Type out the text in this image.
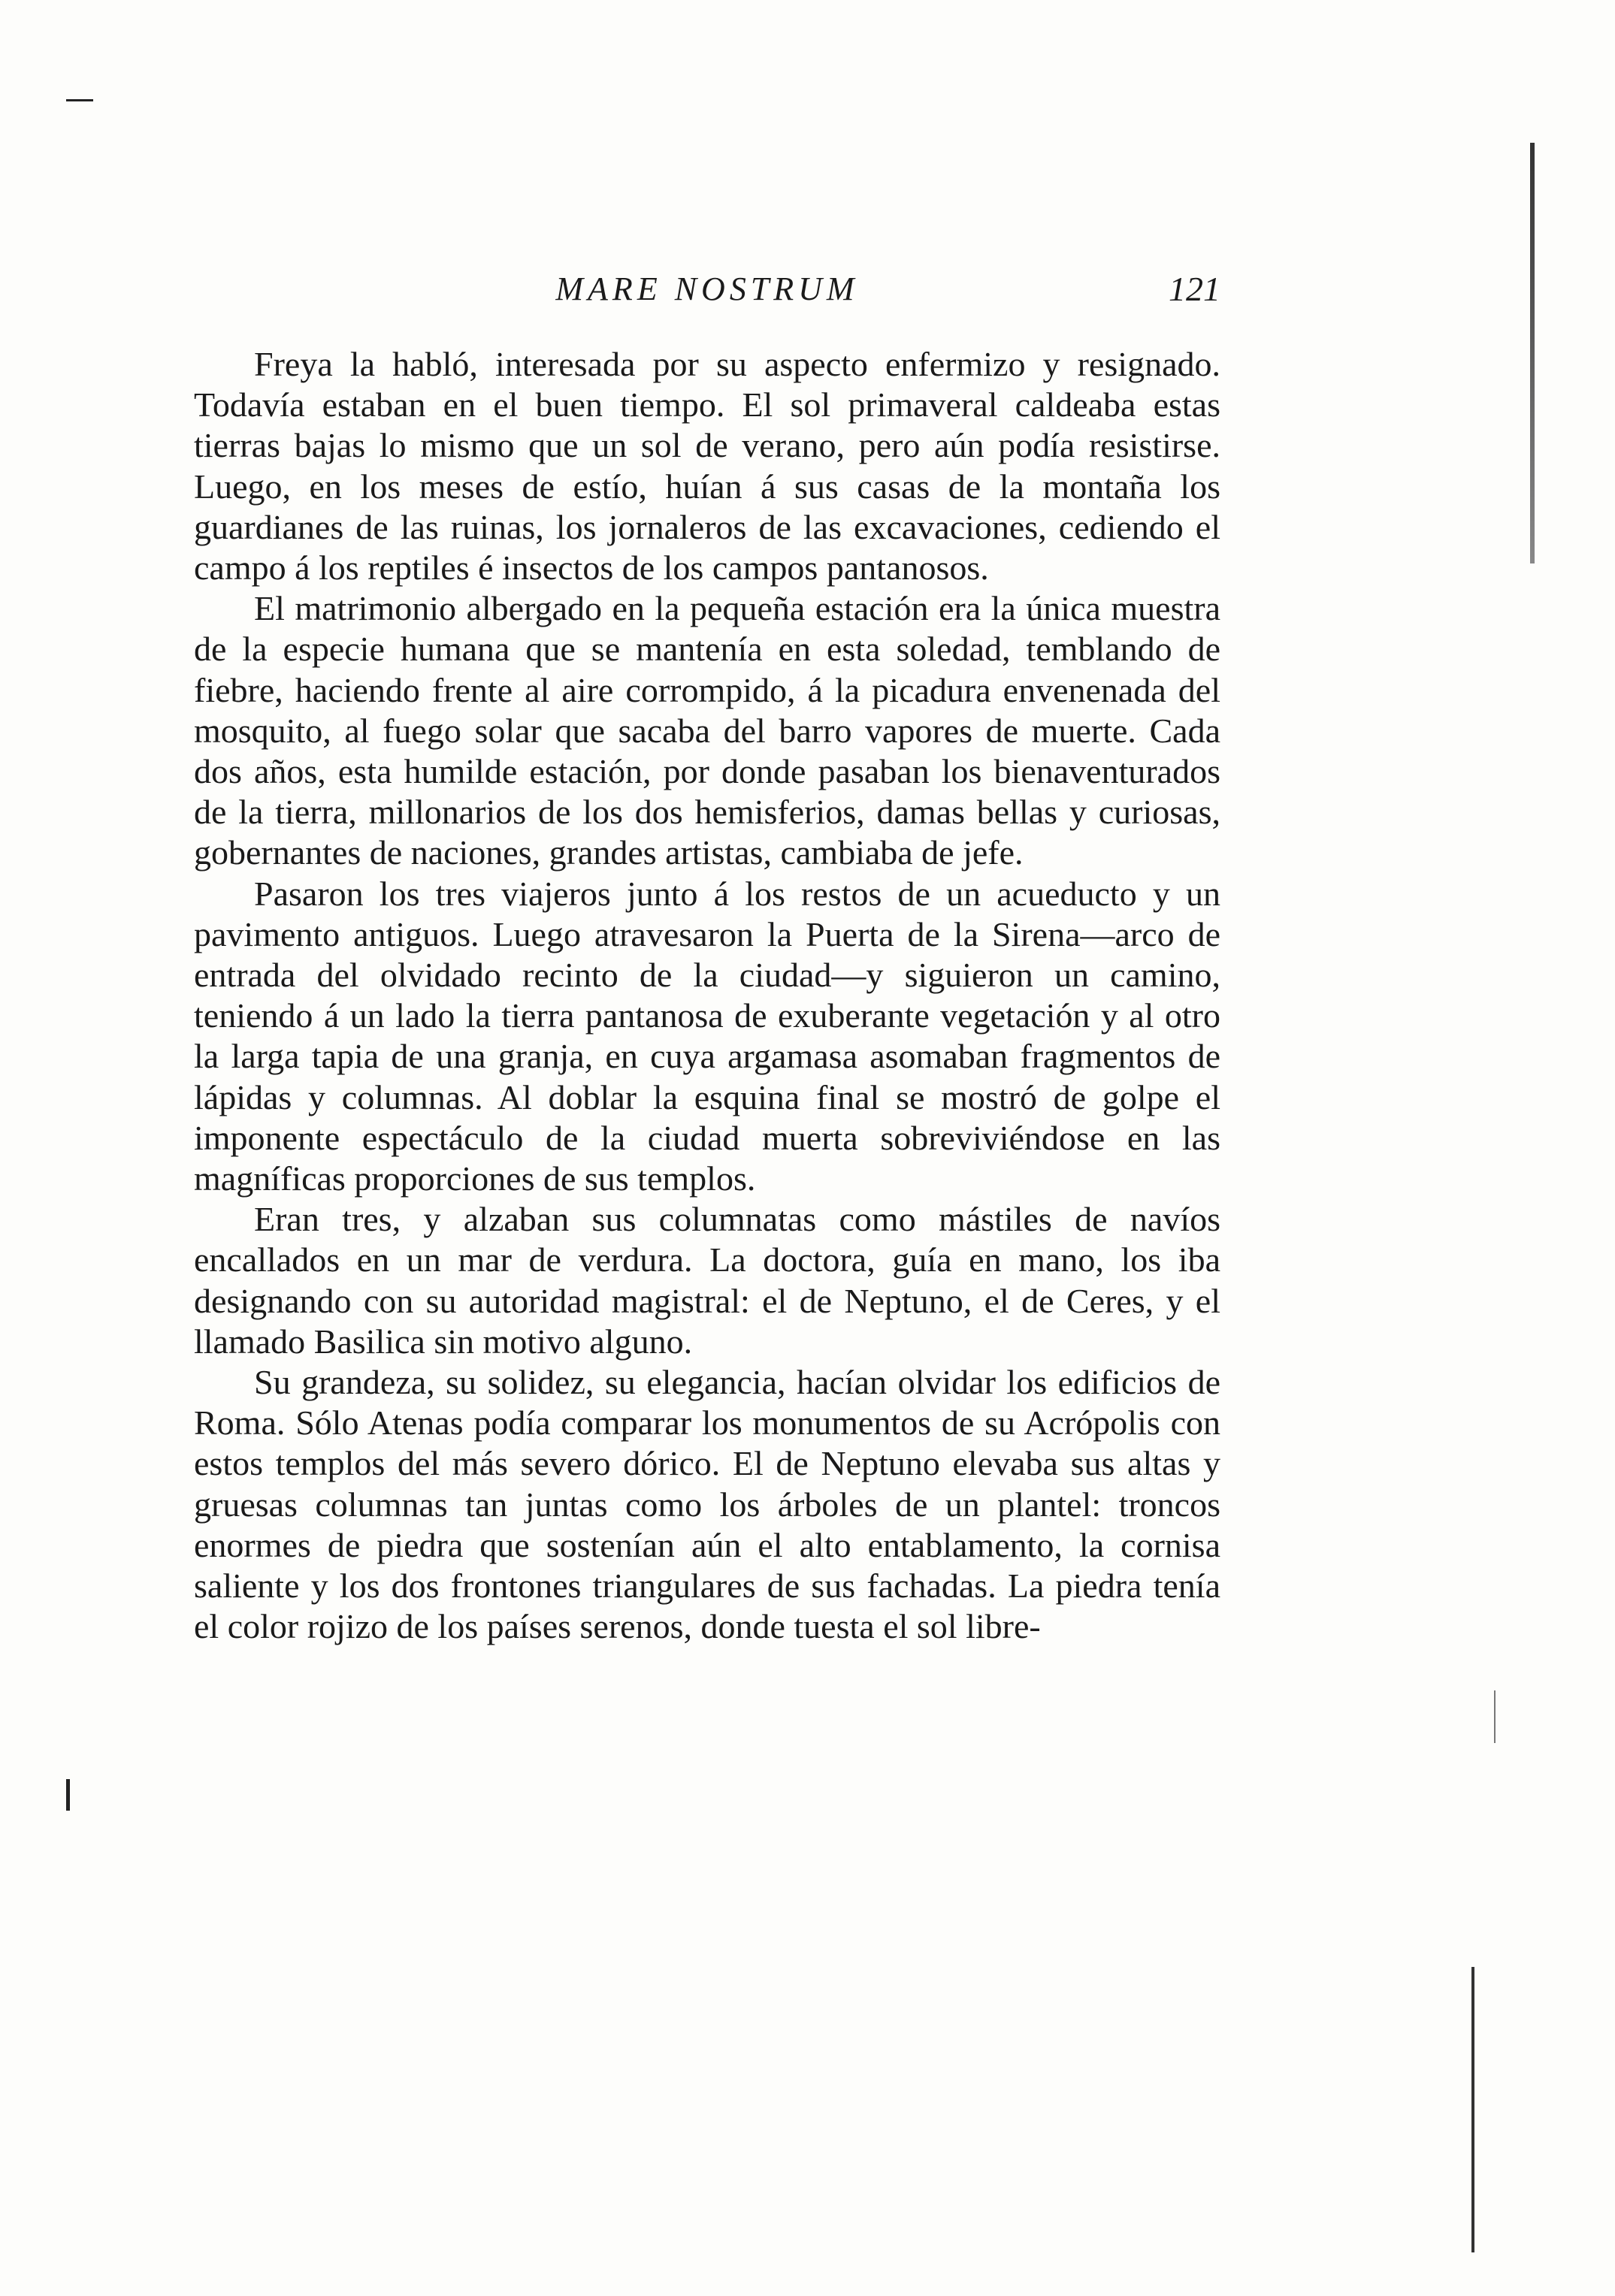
MARE NOSTRUM	121

Freya la habló, interesada por su aspecto enfermizo y resignado. Todavía estaban en el buen tiempo. El sol primaveral caldeaba estas tierras bajas lo mismo que un sol de verano, pero aún podía resistirse. Luego, en los meses de estío, huían á sus casas de la montaña los guardianes de las ruinas, los jornaleros de las excavaciones, cediendo el campo á los reptiles é insectos de los campos pantanosos.

El matrimonio albergado en la pequeña estación era la única muestra de la especie humana que se mantenía en esta soledad, temblando de fiebre, haciendo frente al aire corrompido, á la picadura envenenada del mosquito, al fuego solar que sacaba del barro vapores de muerte. Cada dos años, esta humilde estación, por donde pasaban los bienaventurados de la tierra, millonarios de los dos hemisferios, damas bellas y curiosas, gobernantes de naciones, grandes artistas, cambiaba de jefe.

Pasaron los tres viajeros junto á los restos de un acueducto y un pavimento antiguos. Luego atravesaron la Puerta de la Sirena—arco de entrada del olvidado recinto de la ciudad—y siguieron un camino, teniendo á un lado la tierra pantanosa de exuberante vegetación y al otro la larga tapia de una granja, en cuya argamasa asomaban fragmentos de lápidas y columnas. Al doblar la esquina final se mostró de golpe el imponente espectáculo de la ciudad muerta sobreviviéndose en las magníficas proporciones de sus templos.

Eran tres, y alzaban sus columnatas como mástiles de navíos encallados en un mar de verdura. La doctora, guía en mano, los iba designando con su autoridad magistral: el de Neptuno, el de Ceres, y el llamado Basilica sin motivo alguno.

Su grandeza, su solidez, su elegancia, hacían olvidar los edificios de Roma. Sólo Atenas podía comparar los monumentos de su Acrópolis con estos templos del más severo dórico. El de Neptuno elevaba sus altas y gruesas columnas tan juntas como los árboles de un plantel: troncos enormes de piedra que sostenían aún el alto entablamento, la cornisa saliente y los dos frontones triangulares de sus fachadas. La piedra tenía el color rojizo de los países serenos, donde tuesta el sol libre-
